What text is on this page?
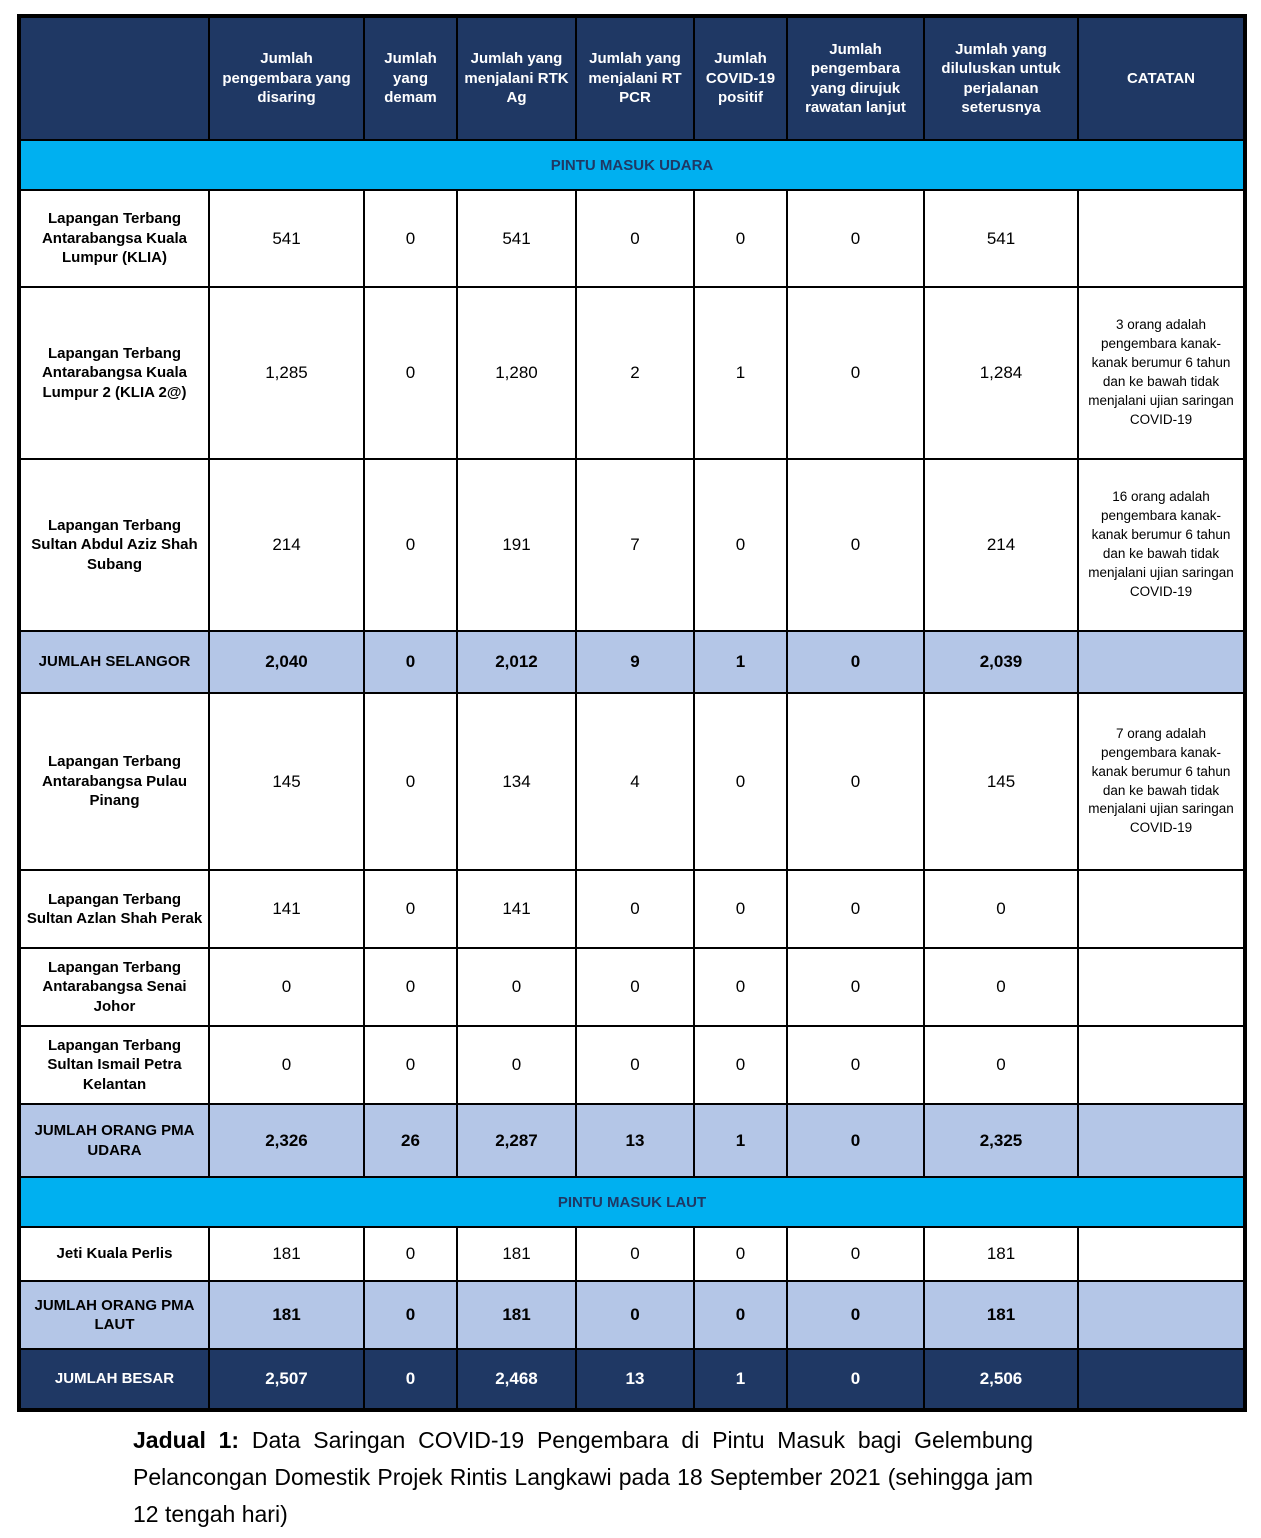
	Jumlah pengembara yang disaring	Jumlah yang demam	Jumlah yang menjalani RTK Ag	Jumlah yang menjalani RT PCR	Jumlah COVID-19 positif	Jumlah pengembara yang dirujuk rawatan lanjut	Jumlah yang diluluskan untuk perjalanan seterusnya	CATATAN
PINTU MASUK UDARA								
Lapangan Terbang Antarabangsa Kuala Lumpur (KLIA)	541	0	541	0	0	0	541	
Lapangan Terbang Antarabangsa Kuala Lumpur 2 (KLIA 2@)	1,285	0	1,280	2	1	0	1,284	3 orang adalah pengembara kanak-kanak berumur 6 tahun dan ke bawah tidak menjalani ujian saringan COVID-19
Lapangan Terbang Sultan Abdul Aziz Shah Subang	214	0	191	7	0	0	214	16 orang adalah pengembara kanak-kanak berumur 6 tahun dan ke bawah tidak menjalani ujian saringan COVID-19
JUMLAH SELANGOR	2,040	0	2,012	9	1	0	2,039	
Lapangan Terbang Antarabangsa Pulau Pinang	145	0	134	4	0	0	145	7 orang adalah pengembara kanak-kanak berumur 6 tahun dan ke bawah tidak menjalani ujian saringan COVID-19
Lapangan Terbang Sultan Azlan Shah Perak	141	0	141	0	0	0	0	
Lapangan Terbang Antarabangsa Senai Johor	0	0	0	0	0	0	0	
Lapangan Terbang Sultan Ismail Petra Kelantan	0	0	0	0	0	0	0	
JUMLAH ORANG PMA UDARA	2,326	26	2,287	13	1	0	2,325	
PINTU MASUK LAUT								
Jeti Kuala Perlis	181	0	181	0	0	0	181	
JUMLAH ORANG PMA LAUT	181	0	181	0	0	0	181	
JUMLAH BESAR	2,507	0	2,468	13	1	0	2,506	

Jadual 1: Data Saringan COVID-19 Pengembara di Pintu Masuk bagi Gelembung Pelancongan Domestik Projek Rintis Langkawi pada 18 September 2021 (sehingga jam 12 tengah hari)
